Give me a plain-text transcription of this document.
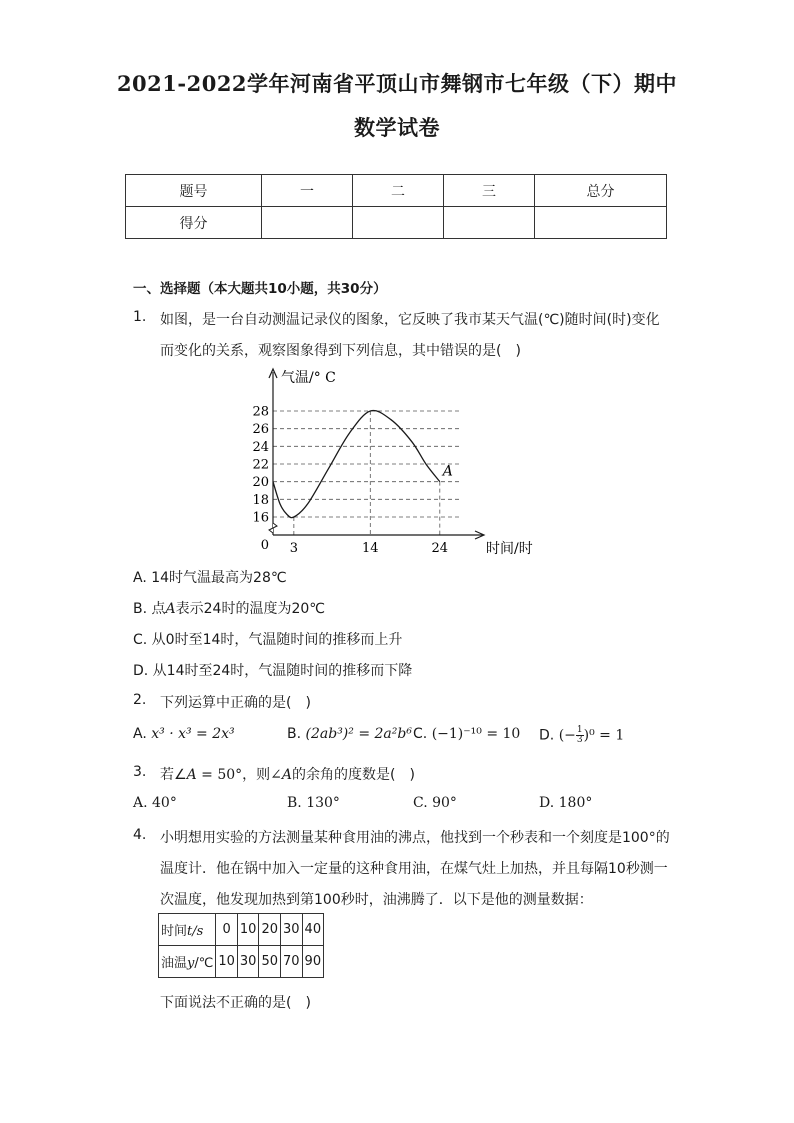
2021-2022学年河南省平顶山市舞钢市七年级（下）期中
数学试卷
题号	一	二	三	总分
得分				
一、选择题（本大题共10小题，共30分）
1. 如图，是一台自动测温记录仪的图象，它反映了我市某天气温(℃)随时间(时)变化
而变化的关系，观察图象得到下列信息，其中错误的是(　)
16
18
20
22
24
26
28
3	14	24
气温/° C
时间/时
0
A
A. 14时气温最高为28℃
B. 点A表示24时的温度为20℃
C. 从0时至14时，气温随时间的推移而上升
D. 从14时至24时，气温随时间的推移而下降
2. 下列运算中正确的是(　)
A. x³ · x³ = 2x³	B. (2ab³)² = 2a²b⁶ C. (−1)⁻¹⁰ = 10 D. (− $\frac{1}{3} )^0 = 1$
3. 若∠A = 50°，则∠A的余角的度数是(　)
A. 40°	B. 130°	C. 90°	D. 180°
4. 小明想用实验的方法测量某种食用油的沸点，他找到一个秒表和一个刻度是100°的
温度计．他在锅中加入一定量的这种食用油，在煤气灶上加热，并且每隔10秒测一
次温度，他发现加热到第100秒时，油沸腾了．以下是他的测量数据：
时间t/s	0	10	20	30	40
油温y/℃	10	30	50	70	90
下面说法不正确的是(　)
